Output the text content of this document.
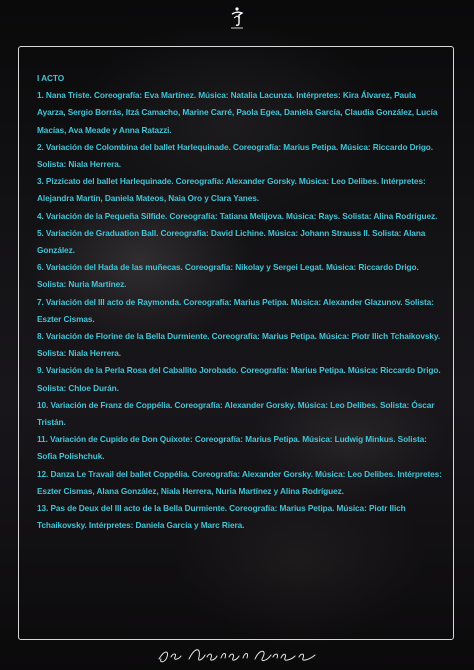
I ACTO

1. Nana Triste. Coreografía: Eva Martínez. Música: Natalia Lacunza. Intérpretes: Kira Álvarez, Paula Ayarza, Sergio Borrás, Itzá Camacho, Marine Carré, Paola Egea, Daniela García, Claudia González, Lucía Macías, Ava Meade y Anna Ratazzi.

2. Variación de Colombina del ballet Harlequinade. Coreografía: Marius Petipa. Música: Riccardo Drigo. Solista: Niala Herrera.

3. Pizzicato del ballet Harlequinade. Coreografía: Alexander Gorsky. Música: Leo Delibes. Intérpretes: Alejandra Martín, Daniela Mateos, Naia Oro y Clara Yanes.

4. Variación de la Pequeña Sílfide. Coreografía: Tatiana Melijova. Música: Rays. Solista: Alina Rodríguez.

5. Variación de Graduation Ball. Coreografía: David Lichine. Música: Johann Strauss II. Solista: Alana González.

6. Variación del Hada de las muñecas. Coreografía: Nikolay y Sergei Legat. Música: Riccardo Drigo. Solista: Nuria Martínez.

7. Variación del III acto de Raymonda. Coreografía: Marius Petipa. Música: Alexander Glazunov. Solista: Eszter Cismas.

8. Variación de Florine de la Bella Durmiente. Coreografía: Marius Petipa. Música: Piotr Ilich Tchaikovsky. Solista: Niala Herrera.

9. Variación de la Perla Rosa del Caballito Jorobado. Coreografía: Marius Petipa. Música: Riccardo Drigo. Solista: Chloe Durán.

10. Variación de Franz de Coppélia. Coreografía: Alexander Gorsky. Música: Leo Delibes. Solista: Óscar Tristán.

11. Variación de Cupido de Don Quixote: Coreografía: Marius Petipa. Música: Ludwig Minkus. Solista: Sofia Polishchuk.

12. Danza Le Travail del ballet Coppélia. Coreografía: Alexander Gorsky. Música: Leo Delibes. Intérpretes: Eszter Cismas, Alana González, Niala Herrera, Nuria Martínez y Alina Rodríguez.

13. Pas de Deux del III acto de la Bella Durmiente. Coreografía: Marius Petipa. Música: Piotr Ilich Tchaikovsky. Intérpretes: Daniela García y Marc Riera.
